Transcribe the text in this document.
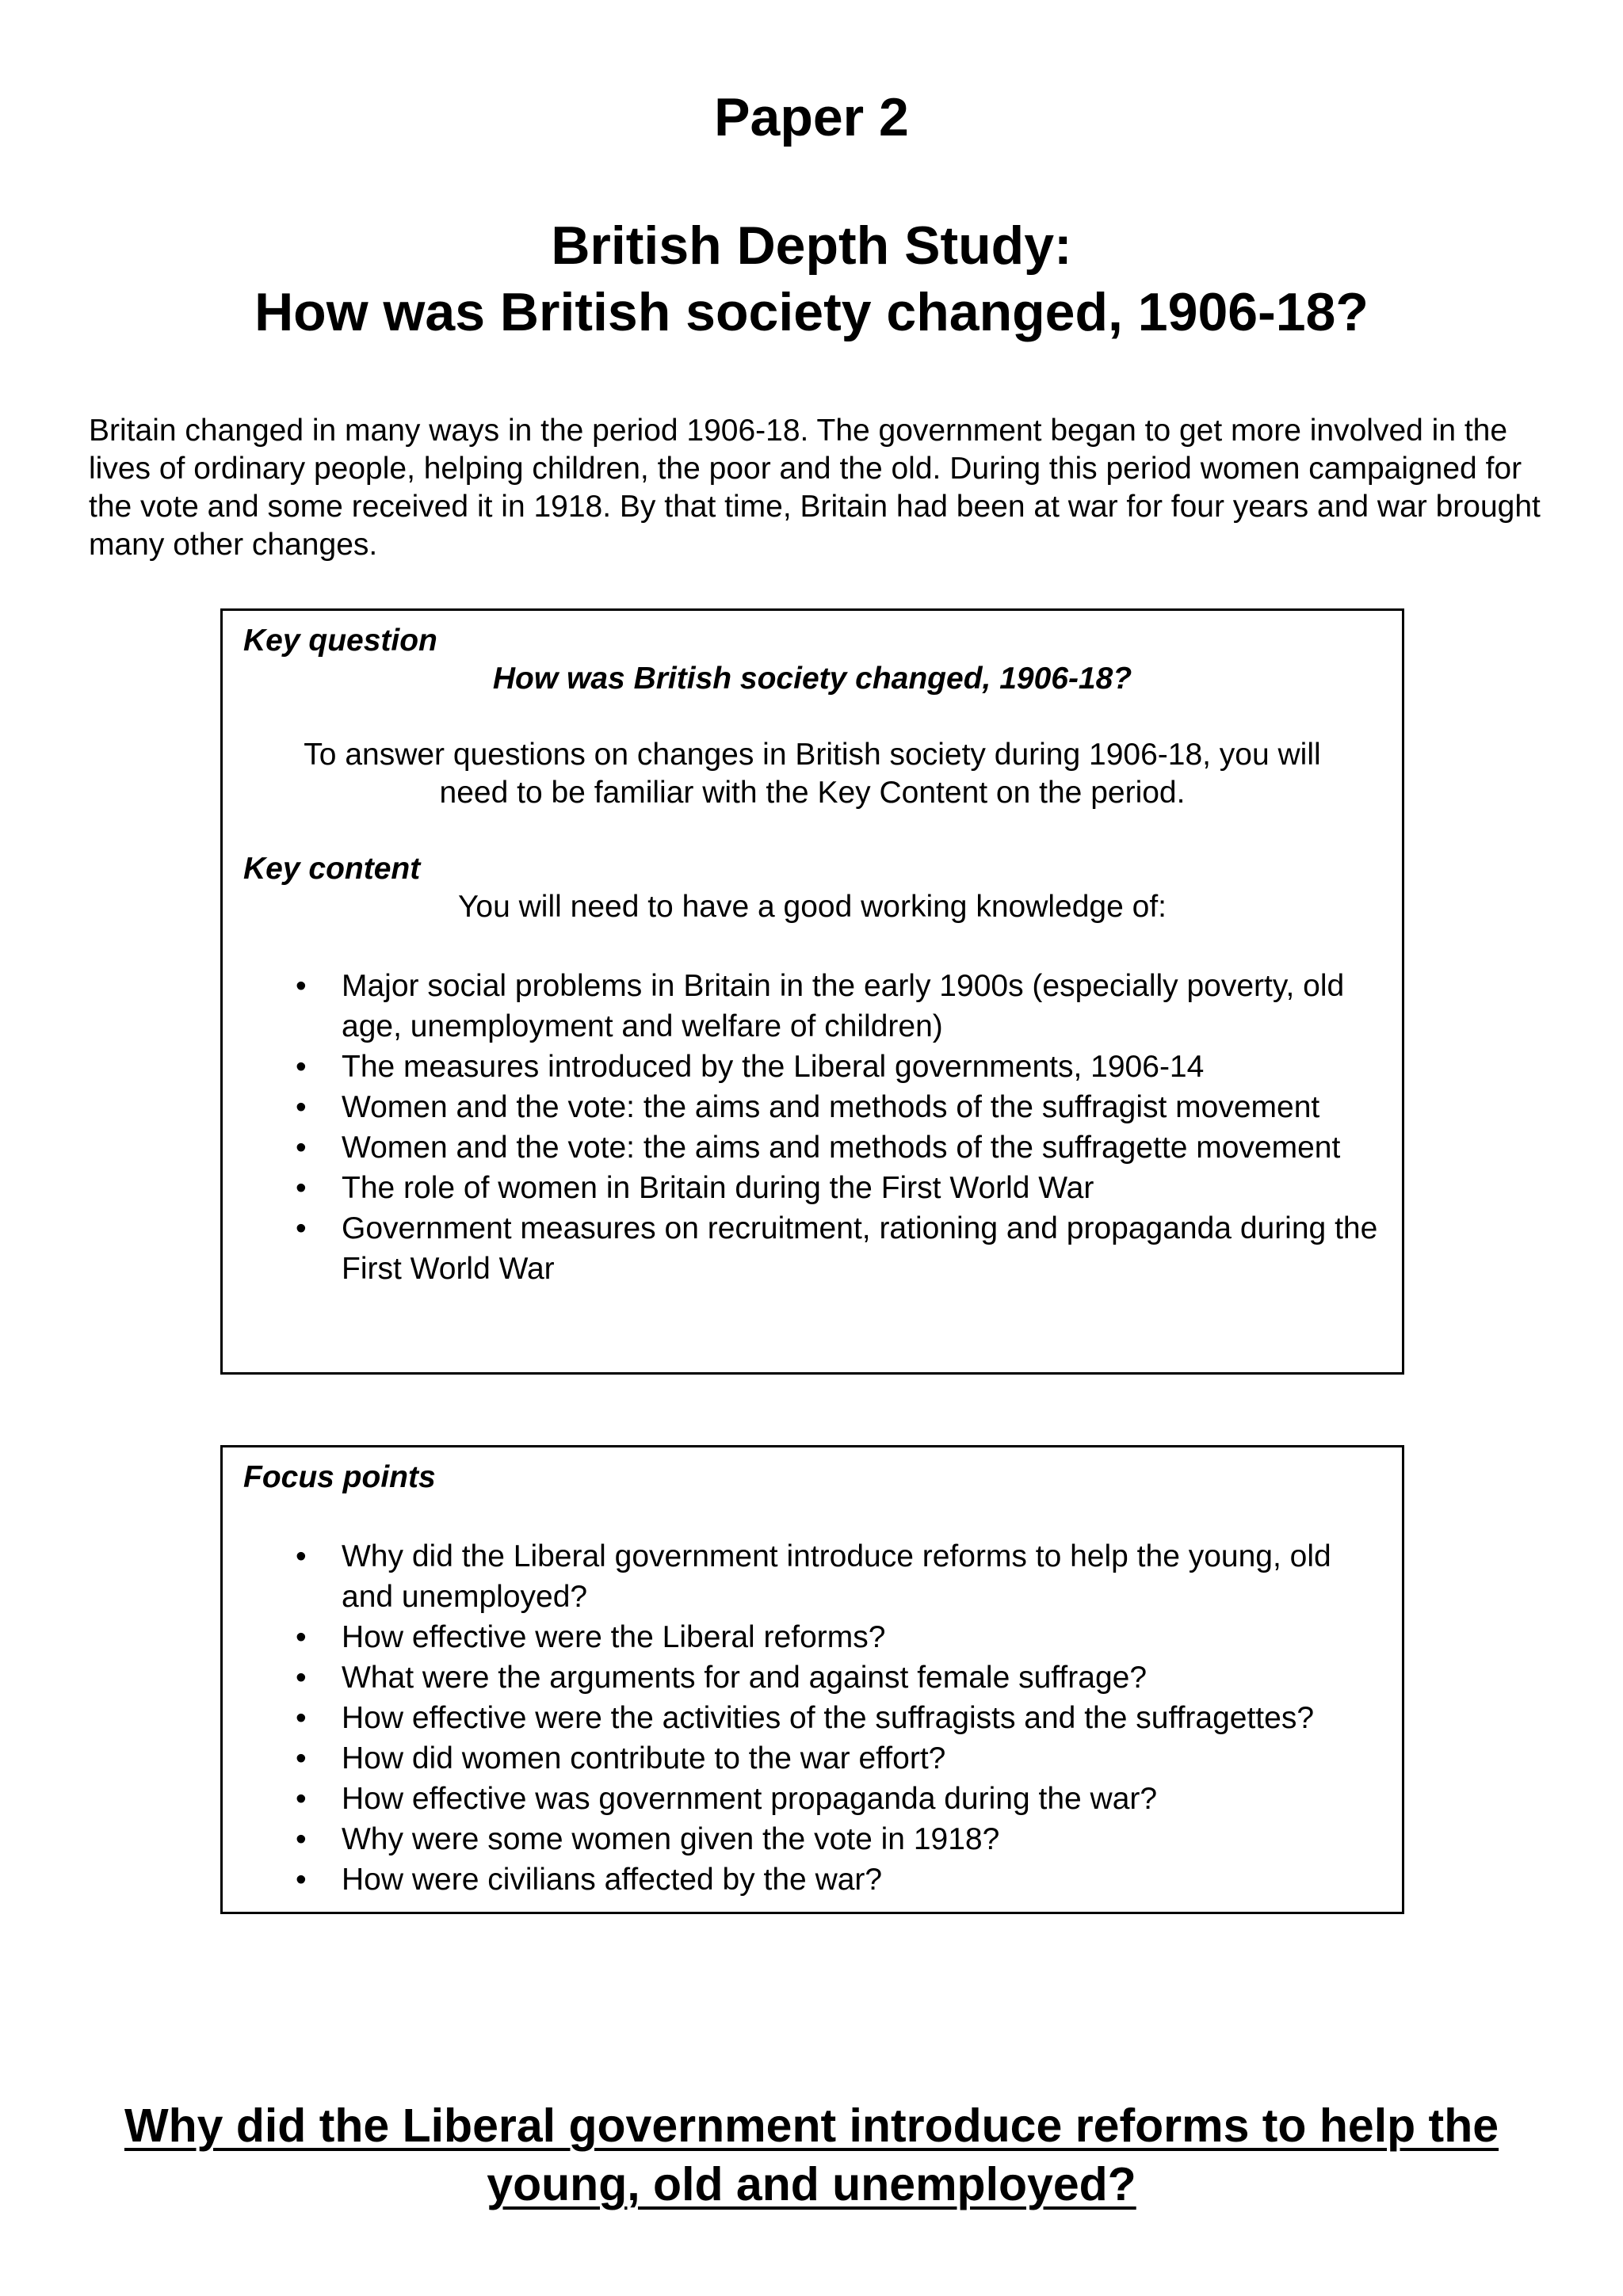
Paper 2
British Depth Study:
How was British society changed, 1906-18?

Britain changed in many ways in the period 1906-18. The government began to get more involved in the lives of ordinary people, helping children, the poor and the old. During this period women campaigned for the vote and some received it in 1918. By that time, Britain had been at war for four years and war brought many other changes.

Key question

How was British society changed, 1906-18?

To answer questions on changes in British society during 1906-18, you will

need to be familiar with the Key Content on the period.

Key content

You will need to have a good working knowledge of:

• Major social problems in Britain in the early 1900s (especially poverty, old age, unemployment and welfare of children)
• The measures introduced by the Liberal governments, 1906-14
• Women and the vote: the aims and methods of the suffragist movement
• Women and the vote: the aims and methods of the suffragette movement
• The role of women in Britain during the First World War
• Government measures on recruitment, rationing and propaganda during the First World War

Focus points

• Why did the Liberal government introduce reforms to help the young, old and unemployed?
• How effective were the Liberal reforms?
• What were the arguments for and against female suffrage?
• How effective were the activities of the suffragists and the suffragettes?
• How did women contribute to the war effort?
• How effective was government propaganda during the war?
• Why were some women given the vote in 1918?
• How were civilians affected by the war?
Why did the Liberal government introduce reforms to help the
young, old and unemployed?
